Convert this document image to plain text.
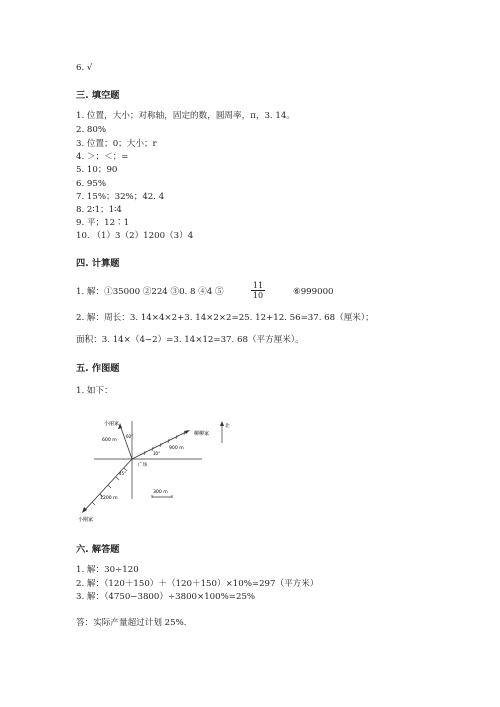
6. √
三. 填空题
1. 位置，大小；对称轴，固定的数，圆周率，π，3. 14。
2. 80%
3. 位置；0；大小；r
4. ＞；＜；=
5. 10；90
6. 95%
7. 15%；32%；42. 4
8. 2∶1；1∶4
9. 平；12∶1
10. （1）3（2）1200（3）4
四. 计算题
1. 解：①35000 ②224 ③0. 8 ④4 ⑤	$\frac{11}{10}$	⑥999000
2. 解：周长：3. 14×4×2+3. 14×2×2=25. 12+12. 56=37. 68（厘米）；
面积：3. 14×（4−2）=3. 14×12=37. 68（平方厘米）。
五. 作图题
1. 如下：
小丽家
600 m
60°	柳柳家
900 m
30°
北
广场
45°
1200 m
小刚家
300 m
六. 解答题
1. 解：30÷120
2. 解：（120＋150）＋（120＋150）×10%=297（平方米）
3. 解：（4750−3800）÷3800×100%=25%
答：实际产量超过计划 25%.
